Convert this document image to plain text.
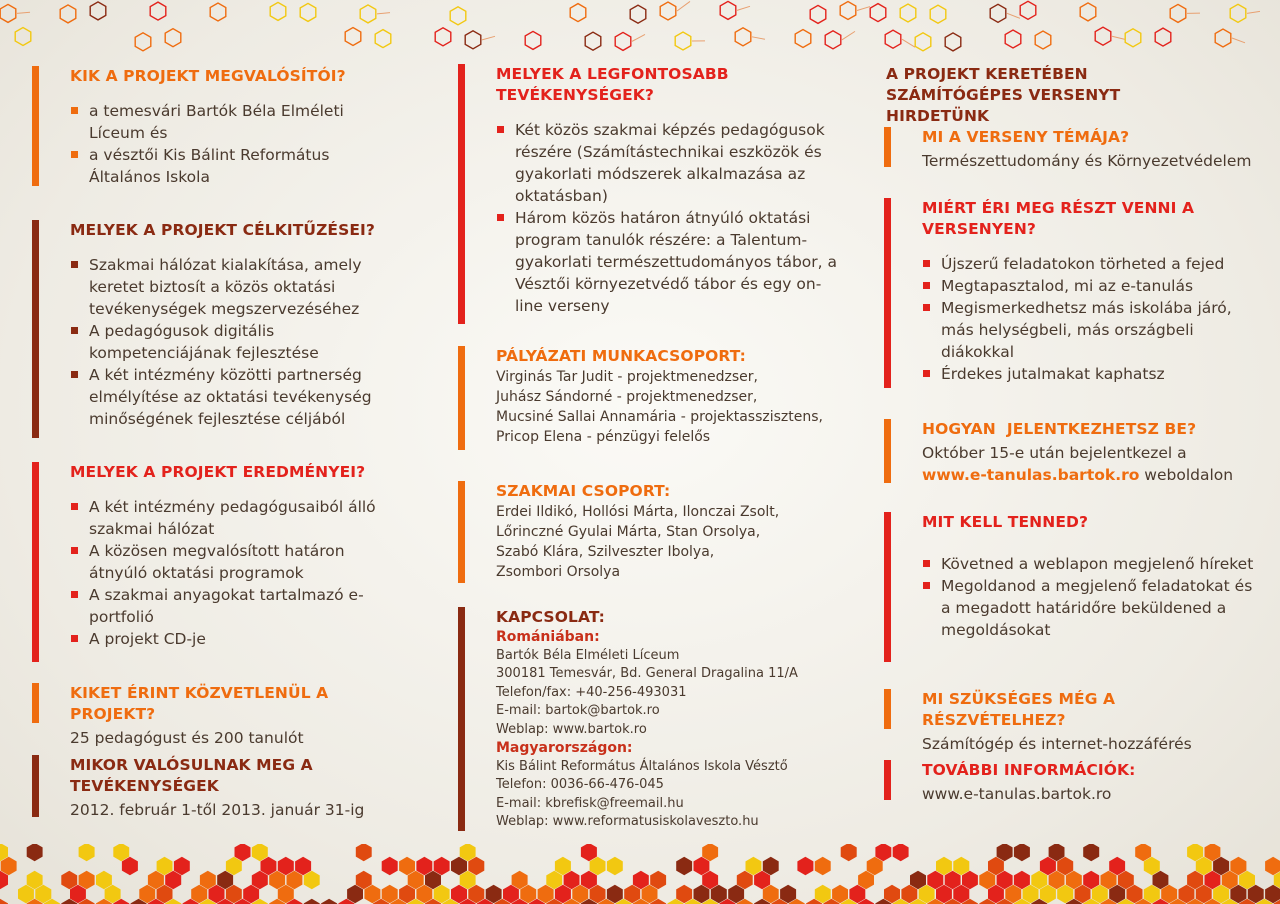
KIK A PROJEKT MEGVALÓSÍTÓI?
a temesvári Bartók Béla Elméleti Líceum és
a vésztői Kis Bálint Református Általános Iskola
MELYEK A PROJEKT CÉLKITŰZÉSEI?
Szakmai hálózat kialakítása, amely keretet biztosít a közös oktatási tevékenységek megszervezéséhez
A pedagógusok digitális kompetenciájának fejlesztése
A két intézmény közötti partnerség elmélyítése az oktatási tevékenység minőségének fejlesztése céljából
MELYEK A PROJEKT EREDMÉNYEI?
A két intézmény pedagógusaiból álló szakmai hálózat
A közösen megvalósított határon átnyúló oktatási programok
A szakmai anyagokat tartalmazó e-portfolió
A projekt CD-je
KIKET ÉRINT KÖZVETLENÜL A PROJEKT?

25 pedagógust és 200 tanulót

MIKOR VALÓSULNAK MEG A TEVÉKENYSÉGEK

2012. február 1-től 2013. január 31-ig

MELYEK A LEGFONTOSABB TEVÉKENYSÉGEK?
Két közös szakmai képzés pedagógusok részére (Számítástechnikai eszközök és gyakorlati módszerek alkalmazása az oktatásban)
Három közös határon átnyúló oktatási program tanulók részére: a Talentum-gyakorlati természettudományos tábor, a Vésztői környezetvédő tábor és egy on-line verseny
PÁLYÁZATI MUNKACSOPORT:
Virginás Tar Judit - projektmenedzser,
Juhász Sándorné - projektmenedzser,
Mucsiné Sallai Annamária - projektasszisztens,
Pricop Elena - pénzügyi felelős
SZAKMAI CSOPORT:
Erdei Ildikó, Hollósi Márta, Ilonczai Zsolt,
Lőrinczné Gyulai Márta, Stan Orsolya,
Szabó Klára, Szilveszter Ibolya,
Zsombori Orsolya
KAPCSOLAT:
Romániában:
Bartók Béla Elméleti Líceum
300181 Temesvár, Bd. General Dragalina 11/A
Telefon/fax: +40-256-493031
E-mail: bartok@bartok.ro
Weblap: www.bartok.ro
Magyarországon:
Kis Bálint Református Általános Iskola Vésztő
Telefon: 0036-66-476-045
E-mail: kbrefisk@freemail.hu
Weblap: www.reformatusiskolaveszto.hu
A PROJEKT KERETÉBEN SZÁMÍTÓGÉPES VERSENYT HIRDETÜNK
MI A VERSENY TÉMÁJA?

Természettudomány és Környezetvédelem

MIÉRT ÉRI MEG RÉSZT VENNI A VERSENYEN?
Újszerű feladatokon törheted a fejed
Megtapasztalod, mi az e-tanulás
Megismerkedhetsz más iskolába járó, más helységbeli, más országbeli diákokkal
Érdekes jutalmakat kaphatsz
HOGYAN  JELENTKEZHETSZ BE?

Október 15-e után bejelentkezel a
www.e-tanulas.bartok.ro weboldalon

MIT KELL TENNED?
Követned a weblapon megjelenő híreket
Megoldanod a megjelenő feladatokat és a megadott határidőre beküldened a megoldásokat
MI SZÜKSÉGES MÉG A RÉSZVÉTELHEZ?

Számítógép és internet-hozzáférés

TOVÁBBI INFORMÁCIÓK:

www.e-tanulas.bartok.ro
